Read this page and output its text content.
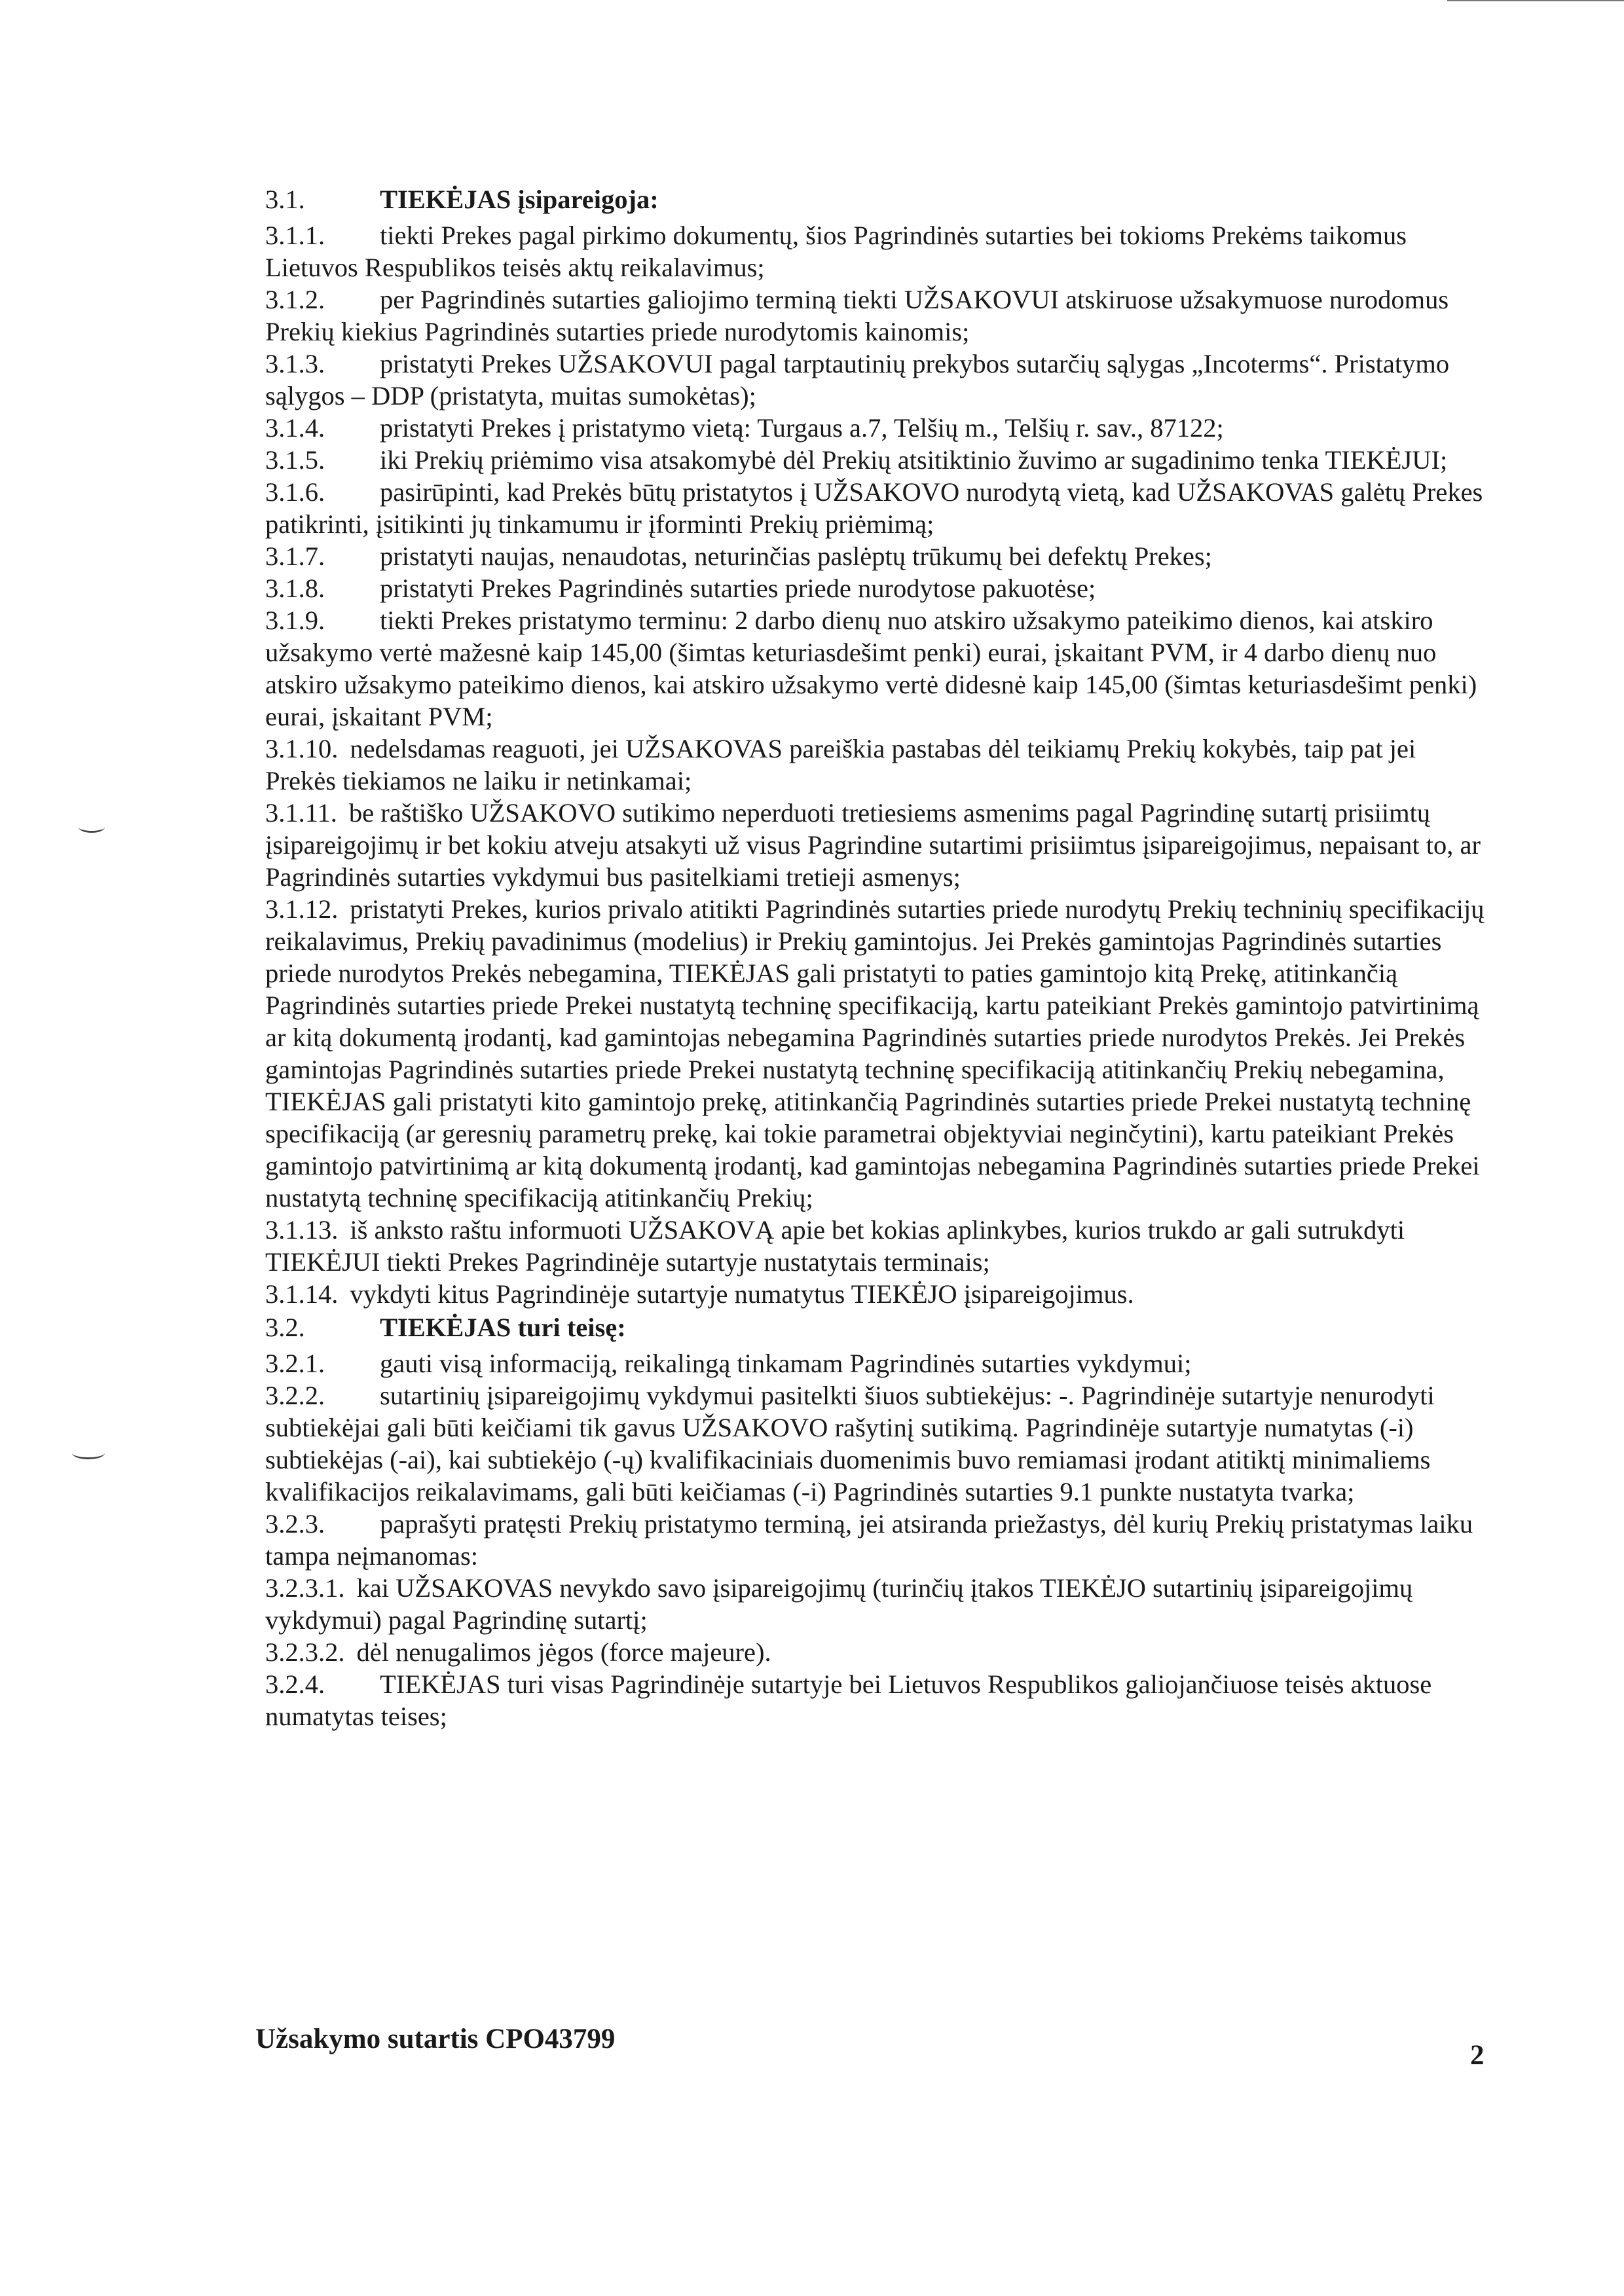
3.1.	TIEKĖJAS įsipareigoja:

3.1.1. tiekti Prekes pagal pirkimo dokumentų, šios Pagrindinės sutarties bei tokioms Prekėms taikomus Lietuvos Respublikos teisės aktų reikalavimus;

3.1.2. per Pagrindinės sutarties galiojimo terminą tiekti UŽSAKOVUI atskiruose užsakymuose nurodomus Prekių kiekius Pagrindinės sutarties priede nurodytomis kainomis;

3.1.3. pristatyti Prekes UŽSAKOVUI pagal tarptautinių prekybos sutarčių sąlygas „Incoterms“. Pristatymo sąlygos – DDP (pristatyta, muitas sumokėtas);

3.1.4. pristatyti Prekes į pristatymo vietą: Turgaus a.7, Telšių m., Telšių r. sav., 87122;

3.1.5. iki Prekių priėmimo visa atsakomybė dėl Prekių atsitiktinio žuvimo ar sugadinimo tenka TIEKĖJUI;

3.1.6. pasirūpinti, kad Prekės būtų pristatytos į UŽSAKOVO nurodytą vietą, kad UŽSAKOVAS galėtų Prekes patikrinti, įsitikinti jų tinkamumu ir įforminti Prekių priėmimą;

3.1.7. pristatyti naujas, nenaudotas, neturinčias paslėptų trūkumų bei defektų Prekes;

3.1.8. pristatyti Prekes Pagrindinės sutarties priede nurodytose pakuotėse;

3.1.9. tiekti Prekes pristatymo terminu: 2 darbo dienų nuo atskiro užsakymo pateikimo dienos, kai atskiro užsakymo vertė mažesnė kaip 145,00 (šimtas keturiasdešimt penki) eurai, įskaitant PVM, ir 4 darbo dienų nuo atskiro užsakymo pateikimo dienos, kai atskiro užsakymo vertė didesnė kaip 145,00 (šimtas keturiasdešimt penki) eurai, įskaitant PVM;

3.1.10. nedelsdamas reaguoti, jei UŽSAKOVAS pareiškia pastabas dėl teikiamų Prekių kokybės, taip pat jei Prekės tiekiamos ne laiku ir netinkamai;

3.1.11. be raštiško UŽSAKOVO sutikimo neperduoti tretiesiems asmenims pagal Pagrindinę sutartį prisiimtų įsipareigojimų ir bet kokiu atveju atsakyti už visus Pagrindine sutartimi prisiimtus įsipareigojimus, nepaisant to, ar Pagrindinės sutarties vykdymui bus pasitelkiami tretieji asmenys;

3.1.12. pristatyti Prekes, kurios privalo atitikti Pagrindinės sutarties priede nurodytų Prekių techninių specifikacijų reikalavimus, Prekių pavadinimus (modelius) ir Prekių gamintojus. Jei Prekės gamintojas Pagrindinės sutarties priede nurodytos Prekės nebegamina, TIEKĖJAS gali pristatyti to paties gamintojo kitą Prekę, atitinkančią Pagrindinės sutarties priede Prekei nustatytą techninę specifikaciją, kartu pateikiant Prekės gamintojo patvirtinimą ar kitą dokumentą įrodantį, kad gamintojas nebegamina Pagrindinės sutarties priede nurodytos Prekės. Jei Prekės gamintojas Pagrindinės sutarties priede Prekei nustatytą techninę specifikaciją atitinkančių Prekių nebegamina, TIEKĖJAS gali pristatyti kito gamintojo prekę, atitinkančią Pagrindinės sutarties priede Prekei nustatytą techninę specifikaciją (ar geresnių parametrų prekę, kai tokie parametrai objektyviai neginčytini), kartu pateikiant Prekės gamintojo patvirtinimą ar kitą dokumentą įrodantį, kad gamintojas nebegamina Pagrindinės sutarties priede Prekei nustatytą techninę specifikaciją atitinkančių Prekių;

3.1.13. iš anksto raštu informuoti UŽSAKOVĄ apie bet kokias aplinkybes, kurios trukdo ar gali sutrukdyti TIEKĖJUI tiekti Prekes Pagrindinėje sutartyje nustatytais terminais;

3.1.14. vykdyti kitus Pagrindinėje sutartyje numatytus TIEKĖJO įsipareigojimus.

3.2.	TIEKĖJAS turi teisę:

3.2.1. gauti visą informaciją, reikalingą tinkamam Pagrindinės sutarties vykdymui;

3.2.2. sutartinių įsipareigojimų vykdymui pasitelkti šiuos subtiekėjus: -. Pagrindinėje sutartyje nenurodyti subtiekėjai gali būti keičiami tik gavus UŽSAKOVO rašytinį sutikimą. Pagrindinėje sutartyje numatytas (-i) subtiekėjas (-ai), kai subtiekėjo (-ų) kvalifikaciniais duomenimis buvo remiamasi įrodant atitiktį minimaliems kvalifikacijos reikalavimams, gali būti keičiamas (-i) Pagrindinės sutarties 9.1 punkte nustatyta tvarka;

3.2.3. paprašyti pratęsti Prekių pristatymo terminą, jei atsiranda priežastys, dėl kurių Prekių pristatymas laiku tampa neįmanomas:

3.2.3.1. kai UŽSAKOVAS nevykdo savo įsipareigojimų (turinčių įtakos TIEKĖJO sutartinių įsipareigojimų vykdymui) pagal Pagrindinę sutartį;

3.2.3.2. dėl nenugalimos jėgos (force majeure).

3.2.4. TIEKĖJAS turi visas Pagrindinėje sutartyje bei Lietuvos Respublikos galiojančiuose teisės aktuose numatytas teises;

Užsakymo sutartis CPO43799
2
